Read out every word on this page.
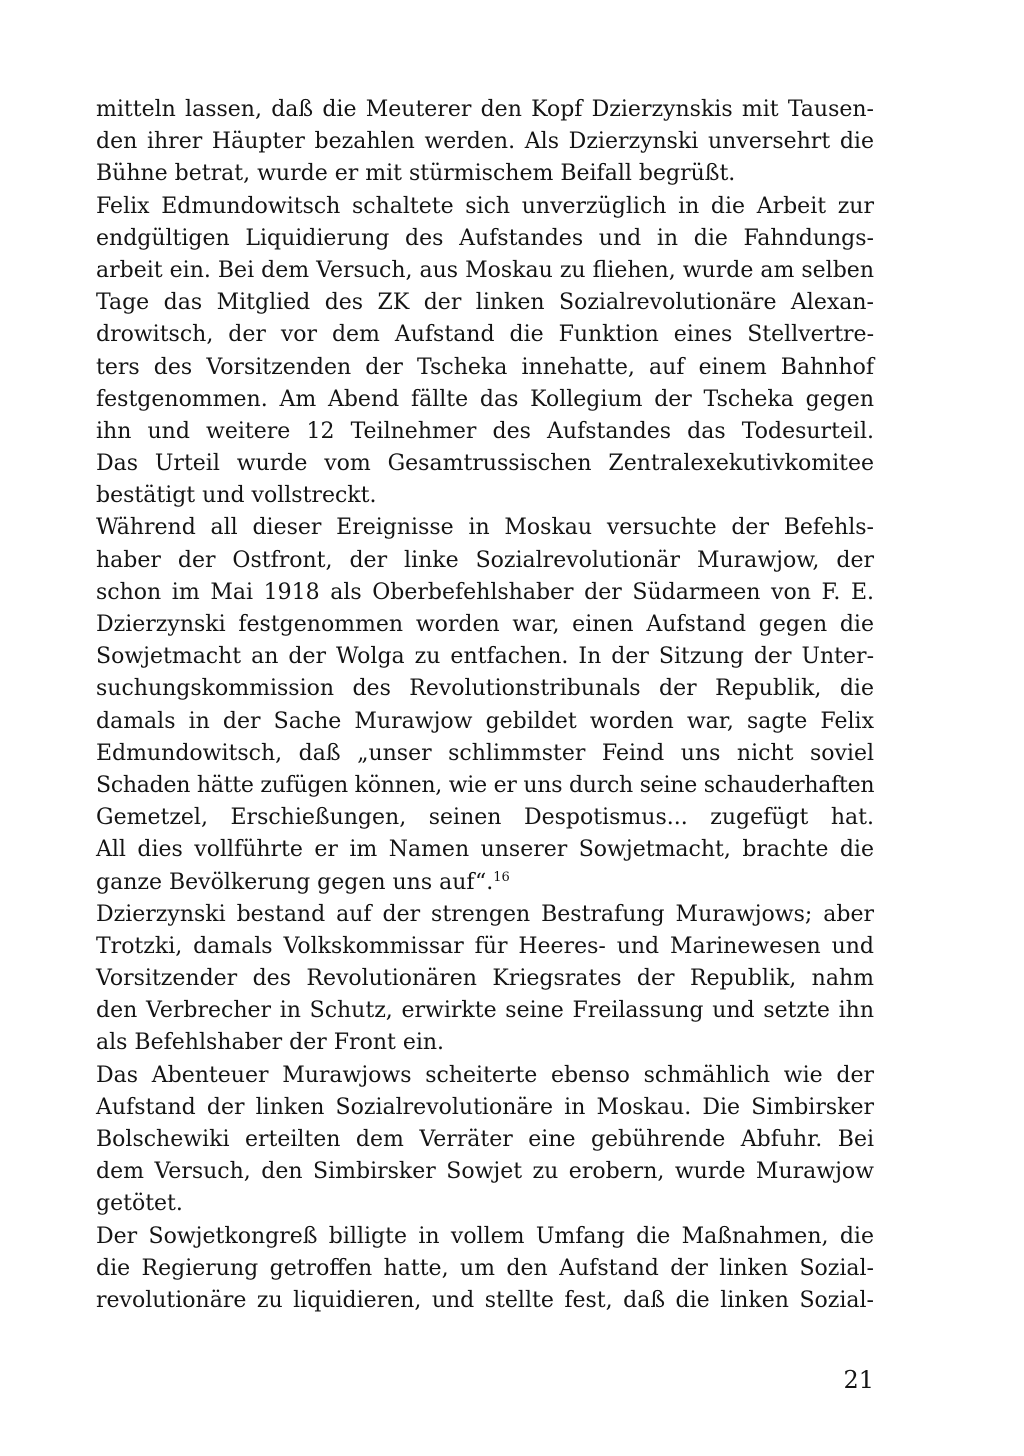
mitteln lassen, daß die Meuterer den Kopf Dzierzynskis mit Tausen-
den ihrer Häupter bezahlen werden. Als Dzierzynski unversehrt die
Bühne betrat, wurde er mit stürmischem Beifall begrüßt.
Felix Edmundowitsch schaltete sich unverzüglich in die Arbeit zur
endgültigen Liquidierung des Aufstandes und in die Fahndungs-
arbeit ein. Bei dem Versuch, aus Moskau zu fliehen, wurde am selben
Tage das Mitglied des ZK der linken Sozialrevolutionäre Alexan-
drowitsch, der vor dem Aufstand die Funktion eines Stellvertre-
ters des Vorsitzenden der Tscheka innehatte, auf einem Bahnhof
festgenommen. Am Abend fällte das Kollegium der Tscheka gegen
ihn und weitere 12 Teilnehmer des Aufstandes das Todesurteil.
Das Urteil wurde vom Gesamtrussischen Zentralexekutivkomitee
bestätigt und vollstreckt.
Während all dieser Ereignisse in Moskau versuchte der Befehls-
haber der Ostfront, der linke Sozialrevolutionär Murawjow, der
schon im Mai 1918 als Oberbefehlshaber der Südarmeen von F. E.
Dzierzynski festgenommen worden war, einen Aufstand gegen die
Sowjetmacht an der Wolga zu entfachen. In der Sitzung der Unter-
suchungskommission des Revolutionstribunals der Republik, die
damals in der Sache Murawjow gebildet worden war, sagte Felix
Edmundowitsch, daß „unser schlimmster Feind uns nicht soviel
Schaden hätte zufügen können, wie er uns durch seine schauderhaften
Gemetzel, Erschießungen, seinen Despotismus... zugefügt hat.
All dies vollführte er im Namen unserer Sowjetmacht, brachte die
ganze Bevölkerung gegen uns auf“.$^{16}$
Dzierzynski bestand auf der strengen Bestrafung Murawjows; aber
Trotzki, damals Volkskommissar für Heeres- und Marinewesen und
Vorsitzender des Revolutionären Kriegsrates der Republik, nahm
den Verbrecher in Schutz, erwirkte seine Freilassung und setzte ihn
als Befehlshaber der Front ein.
Das Abenteuer Murawjows scheiterte ebenso schmählich wie der
Aufstand der linken Sozialrevolutionäre in Moskau. Die Simbirsker
Bolschewiki erteilten dem Verräter eine gebührende Abfuhr. Bei
dem Versuch, den Simbirsker Sowjet zu erobern, wurde Murawjow
getötet.
Der Sowjetkongreß billigte in vollem Umfang die Maßnahmen, die
die Regierung getroffen hatte, um den Aufstand der linken Sozial-
revolutionäre zu liquidieren, und stellte fest, daß die linken Sozial-
21
